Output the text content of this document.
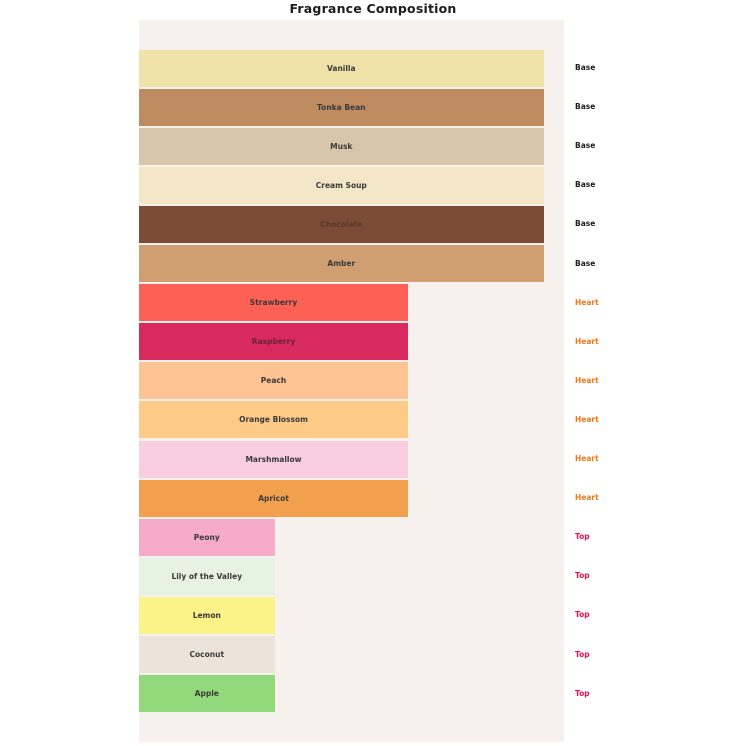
Fragrance Composition
Vanilla
Tonka Bean
Musk
Cream Soup
Chocolate
Amber
Strawberry
Raspberry
Peach
Orange Blossom
Marshmallow
Apricot
Peony
Lily of the Valley
Lemon
Coconut
Apple
Base
Base
Base
Base
Base
Base
Heart
Heart
Heart
Heart
Heart
Heart
Top
Top
Top
Top
Top
